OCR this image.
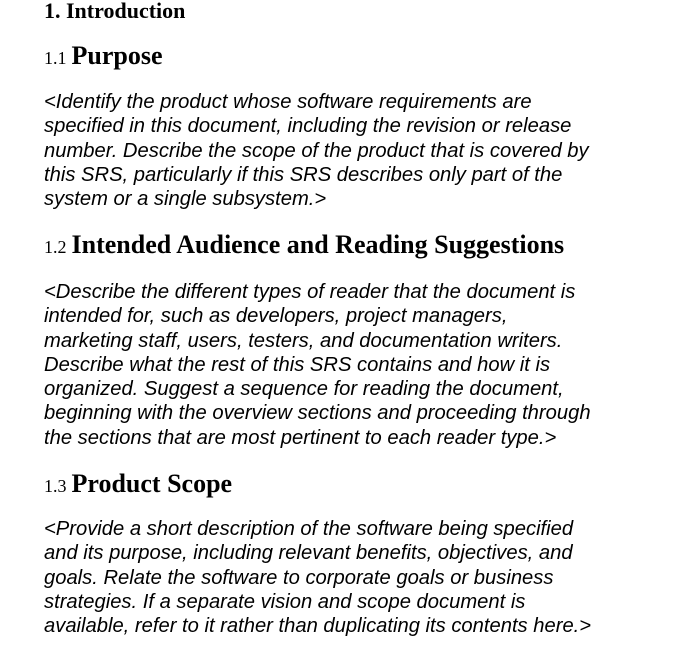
1. Introduction
1.1 Purpose

<Identify the product whose software requirements are
specified in this document, including the revision or release
number. Describe the scope of the product that is covered by
this SRS, particularly if this SRS describes only part of the
system or a single subsystem.>

1.2 Intended Audience and Reading Suggestions

<Describe the different types of reader that the document is
intended for, such as developers, project managers,
marketing staff, users, testers, and documentation writers.
Describe what the rest of this SRS contains and how it is
organized. Suggest a sequence for reading the document,
beginning with the overview sections and proceeding through
the sections that are most pertinent to each reader type.>

1.3 Product Scope

<Provide a short description of the software being specified
and its purpose, including relevant benefits, objectives, and
goals. Relate the software to corporate goals or business
strategies. If a separate vision and scope document is
available, refer to it rather than duplicating its contents here.>
